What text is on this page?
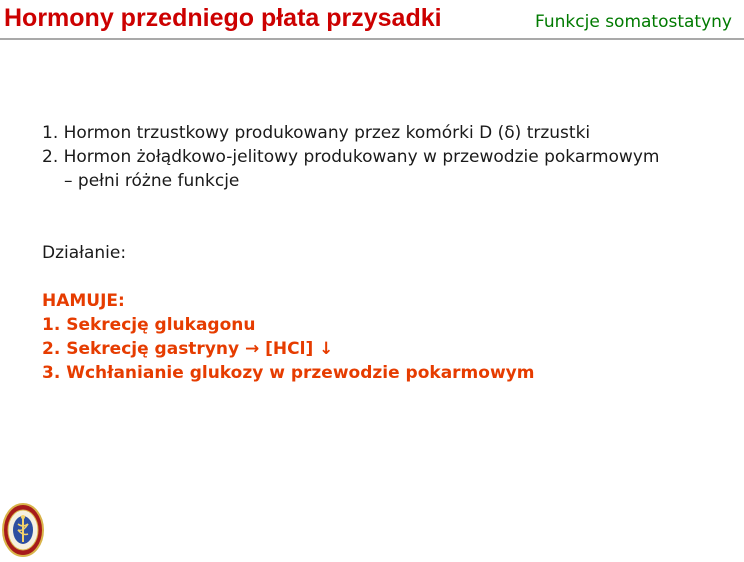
Hormony przedniego płata przysadki	Funkcje somatostatyny
1. Hormon trzustkowy produkowany przez komórki D (δ) trzustki
2. Hormon żołądkowo-jelitowy produkowany w przewodzie pokarmowym
– pełni różne funkcje
Działanie:
HAMUJE:
1. Sekrecję glukagonu
2. Sekrecję gastryny → [HCl] ↓
3. Wchłanianie glukozy w przewodzie pokarmowym
